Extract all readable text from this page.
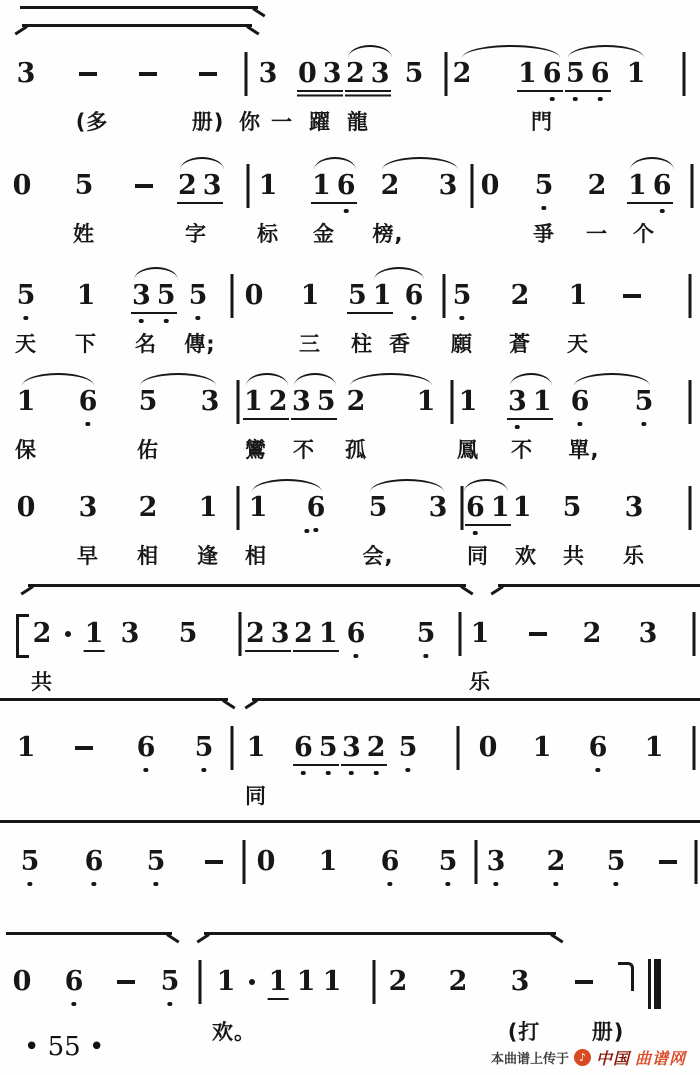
• 55 •	本曲谱上传于 ♪ 中国 曲谱网
3	3 0 3 2 3 5 2 1 6 5 6 1
(多	册) 你 一 躍 龍	門
0 5	2 3 1 1 6 2 3 0 5 2 1 6
姓	字 标 金 榜,	爭 一 个
5 1 3 5 5 0 1 5 1 6 5 2 1
天 下 名 傳;	三 柱 香 願 蒼 天
1 6 5 3 1 2 3 5 2 1 1 3 1 6 5
保	佑	鸞 不 孤	鳳 不 單,
0 3 2 1 1 6 5 3 6 1 1 5 3
早 相 逢 相	会,	同 欢 共 乐
2 1 3 5 2 3 2 1 6 5 1	2 3
共	乐
1	6 5 1 6 5 3 2 5 0 1 6 1
同
5 6 5	0 1 6 5 3 2 5
0 6	5 1 1 1 1 2 2 3
欢。	(打 册)
